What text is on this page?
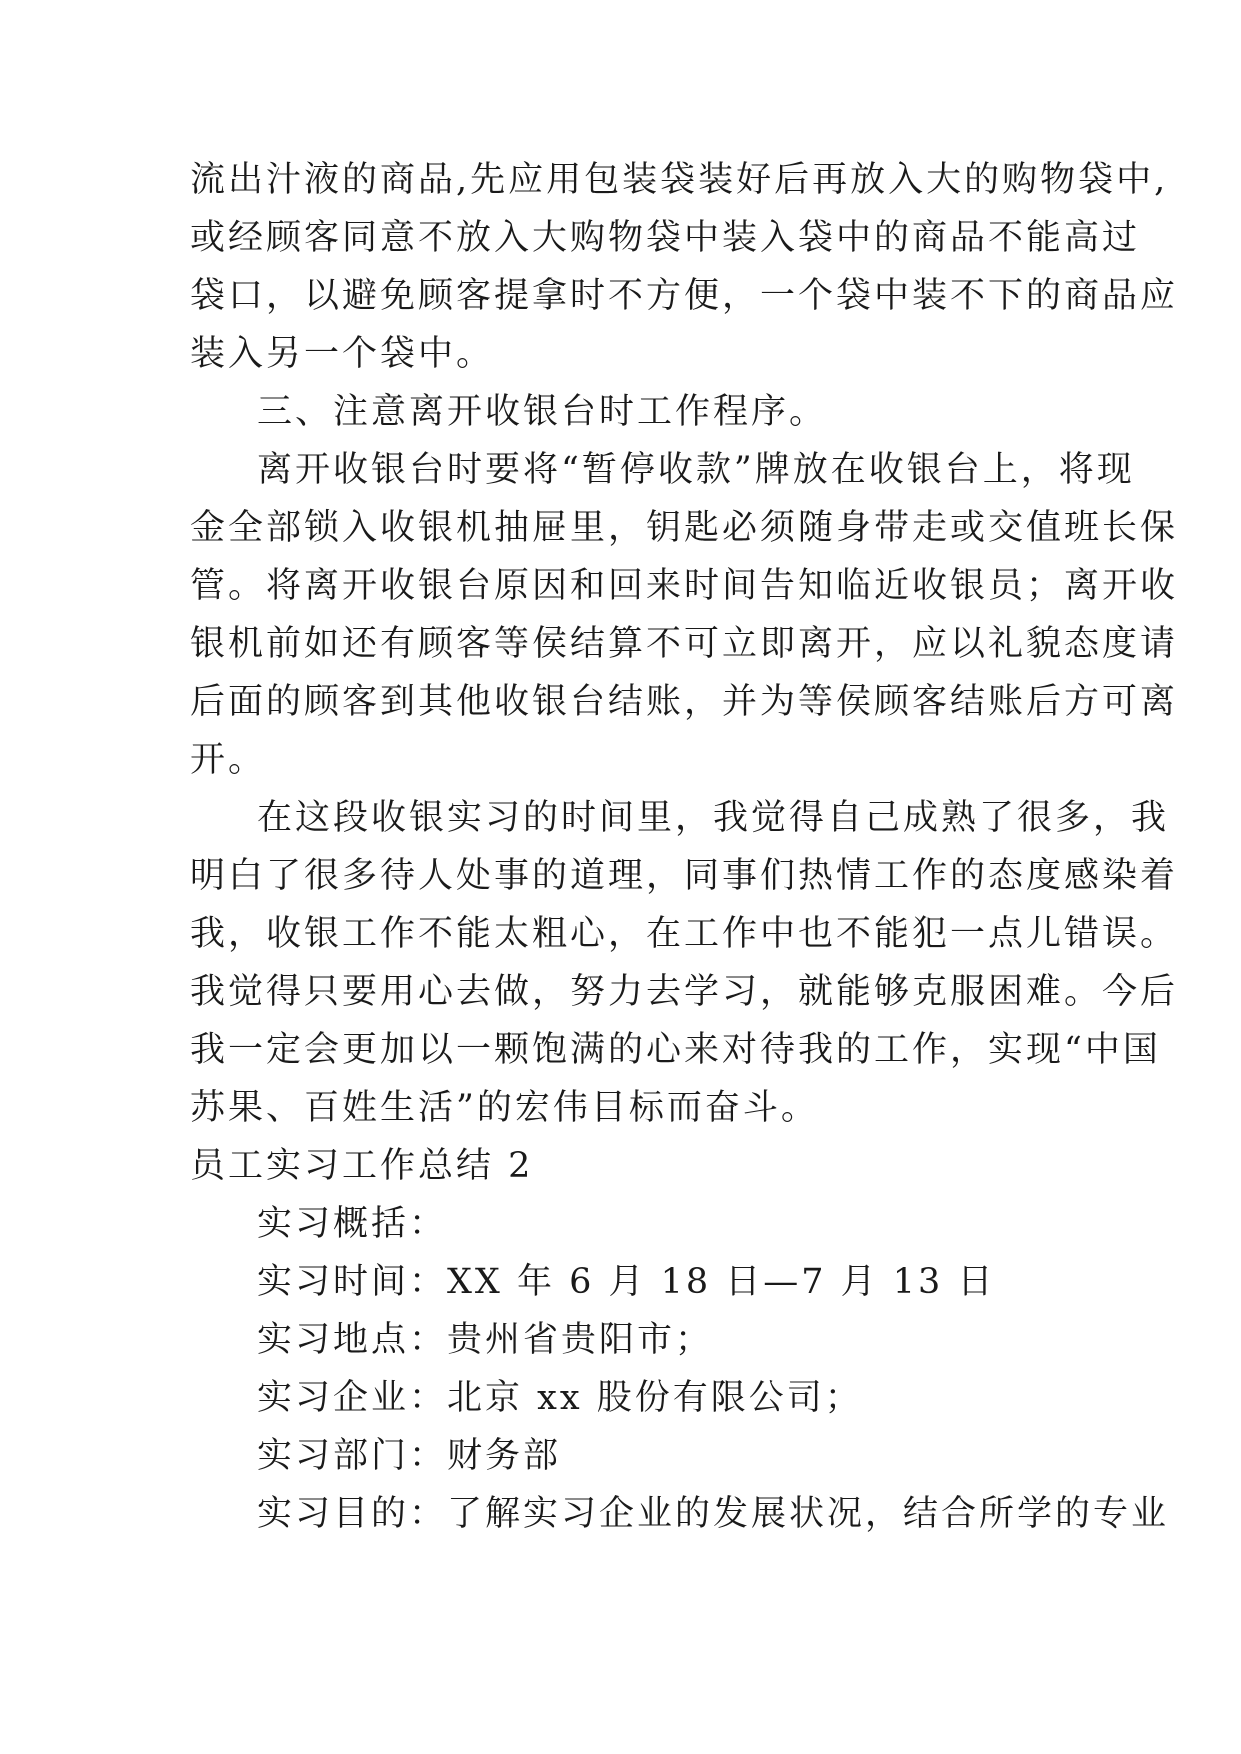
流出汁液的商品,先应用包装袋装好后再放入大的购物袋中,
或经顾客同意不放入大购物袋中装入袋中的商品不能高过
袋口，以避免顾客提拿时不方便，一个袋中装不下的商品应
装入另一个袋中。
三、注意离开收银台时工作程序。
离开收银台时要将“暂停收款”牌放在收银台上，将现
金全部锁入收银机抽屉里，钥匙必须随身带走或交值班长保
管。将离开收银台原因和回来时间告知临近收银员；离开收
银机前如还有顾客等侯结算不可立即离开，应以礼貌态度请
后面的顾客到其他收银台结账，并为等侯顾客结账后方可离
开。
在这段收银实习的时间里，我觉得自己成熟了很多，我
明白了很多待人处事的道理，同事们热情工作的态度感染着
我，收银工作不能太粗心，在工作中也不能犯一点儿错误。
我觉得只要用心去做，努力去学习，就能够克服困难。今后
我一定会更加以一颗饱满的心来对待我的工作，实现“中国
苏果、百姓生活”的宏伟目标而奋斗。
员工实习工作总结 2
实习概括：
实习时间：XX 年 6 月 18 日—7 月 13 日
实习地点：贵州省贵阳市；
实习企业：北京 xx 股份有限公司；
实习部门：财务部
实习目的：了解实习企业的发展状况，结合所学的专业
